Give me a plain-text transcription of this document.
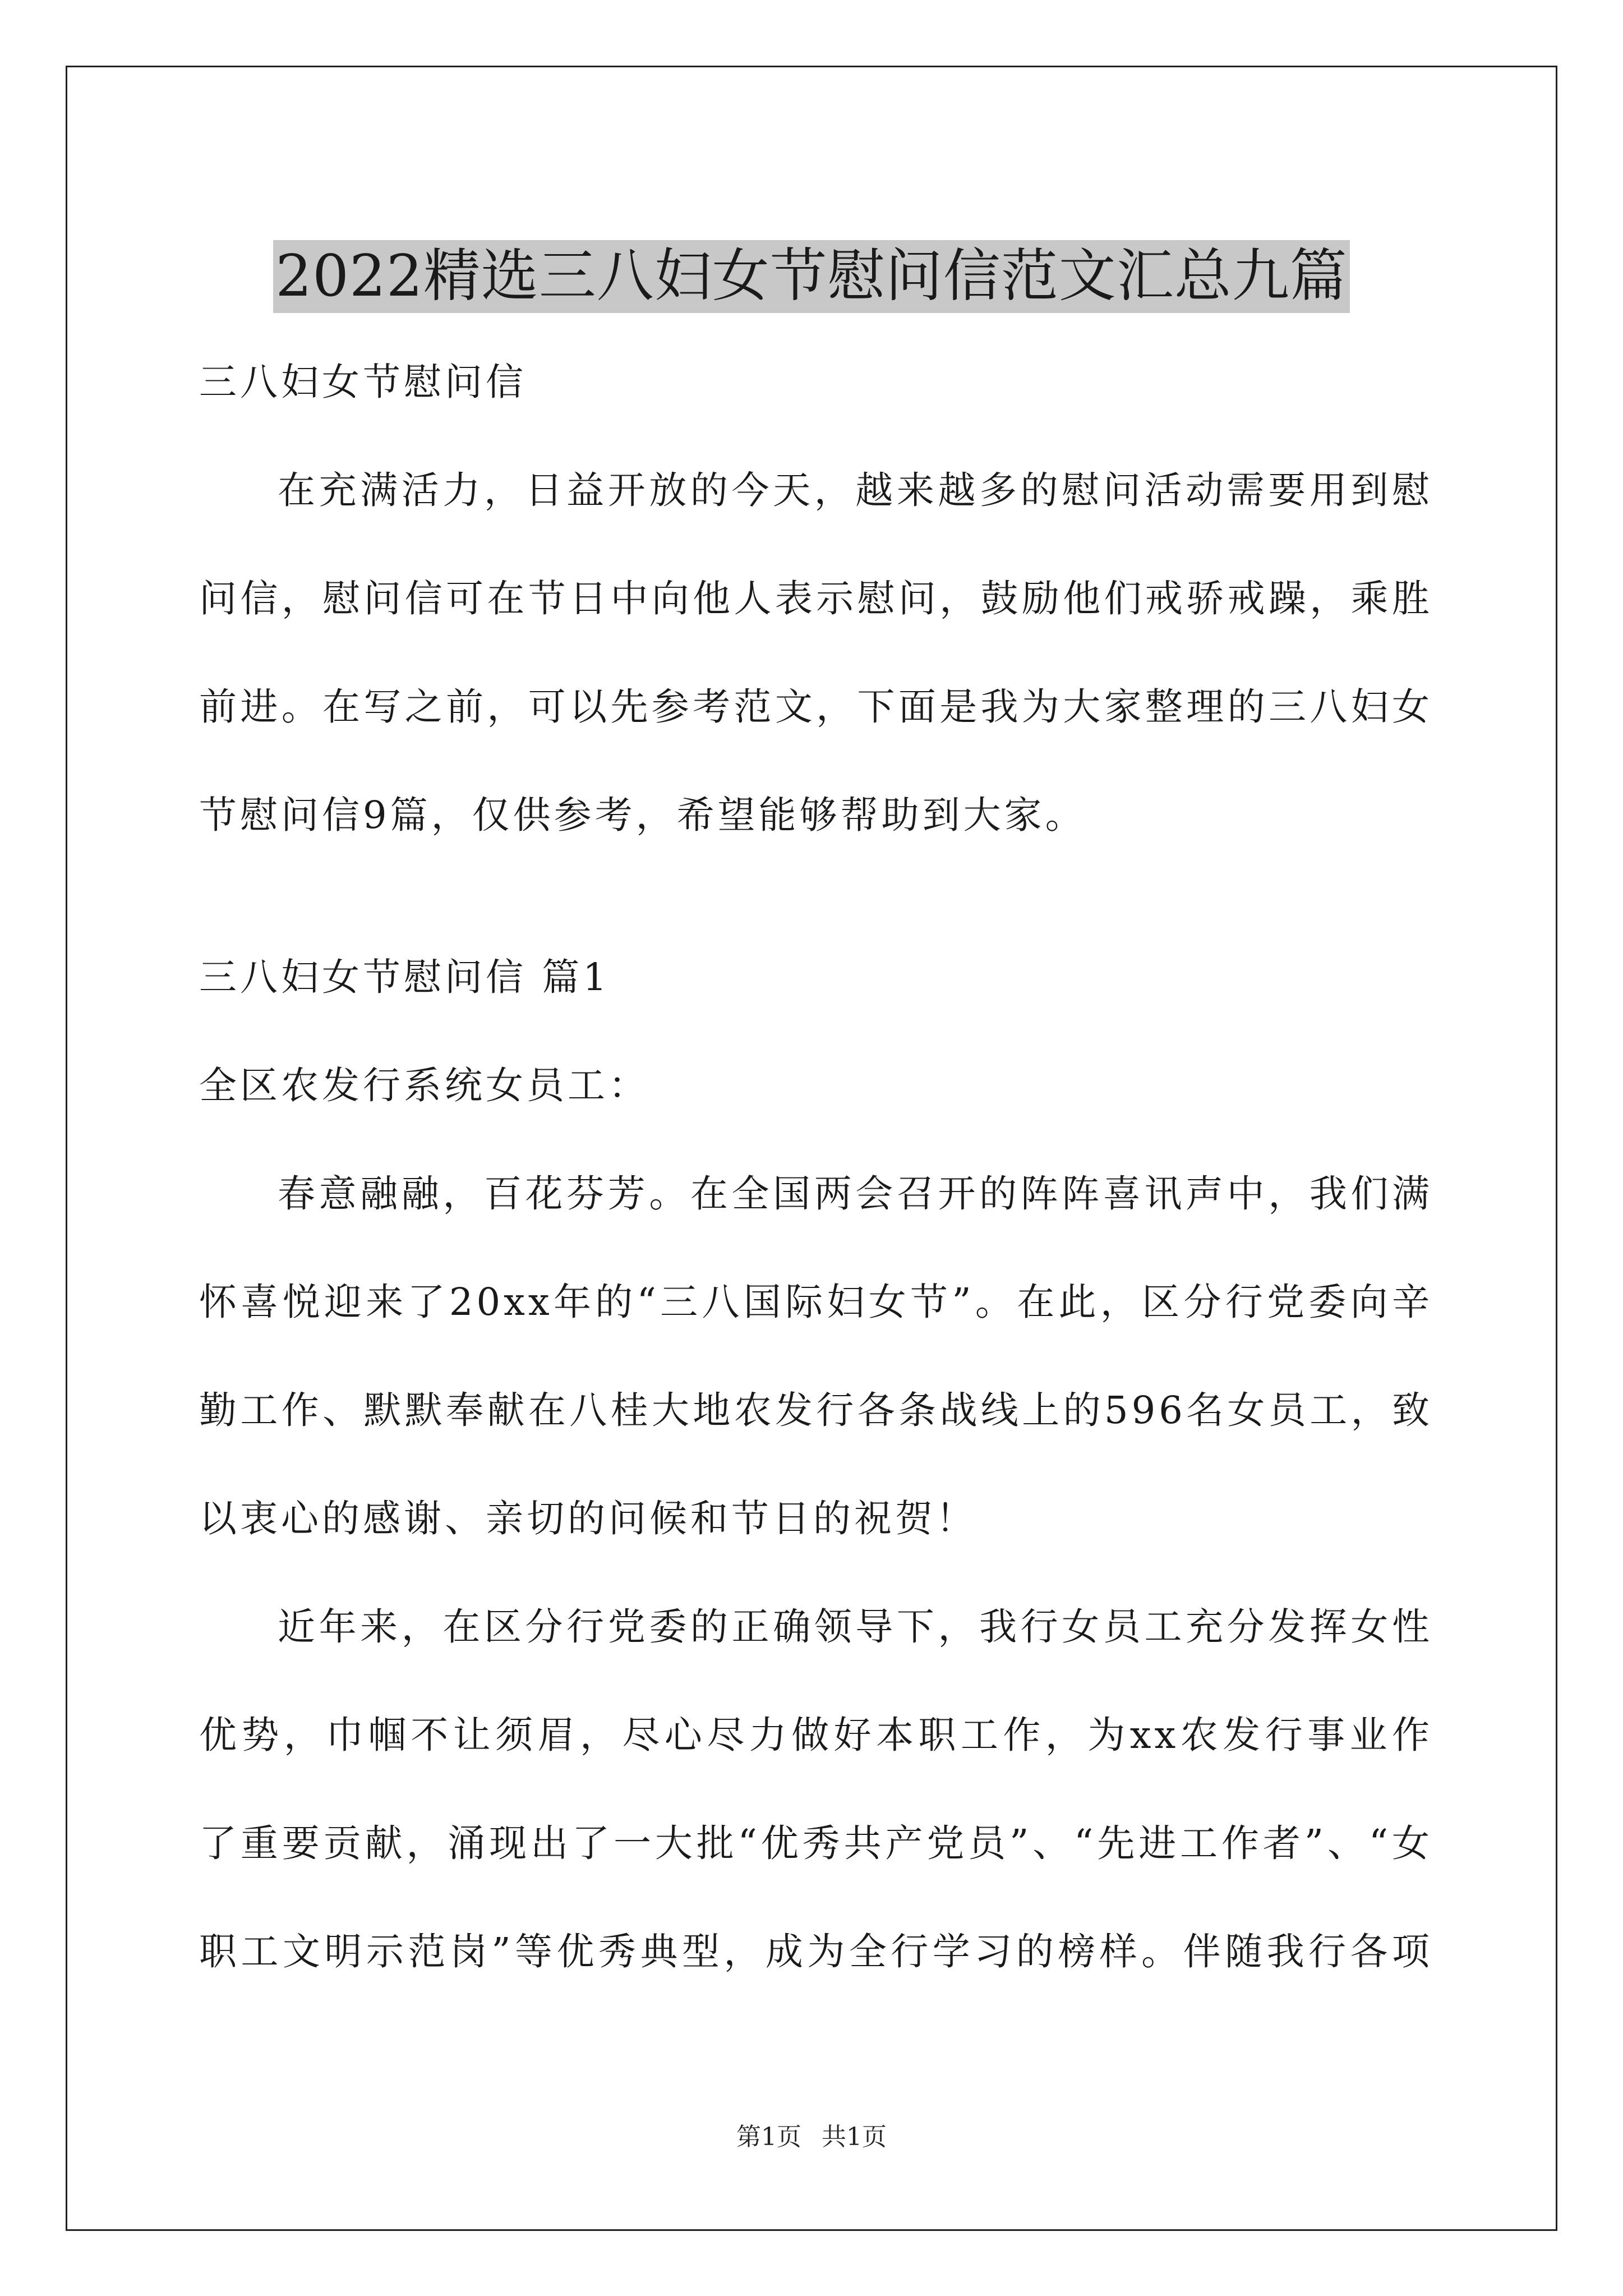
2022精选三八妇女节慰问信范文汇总九篇
三八妇女节慰问信
在充满活力，日益开放的今天，越来越多的慰问活动需要用到慰
问信，慰问信可在节日中向他人表示慰问，鼓励他们戒骄戒躁，乘胜
前进。在写之前，可以先参考范文，下面是我为大家整理的三八妇女
节慰问信9篇，仅供参考，希望能够帮助到大家。
三八妇女节慰问信 篇1
全区农发行系统女员工：
春意融融，百花芬芳。在全国两会召开的阵阵喜讯声中，我们满
怀喜悦迎来了20xx年的“三八国际妇女节”。在此，区分行党委向辛
勤工作、默默奉献在八桂大地农发行各条战线上的596名女员工，致
以衷心的感谢、亲切的问候和节日的祝贺！
近年来，在区分行党委的正确领导下，我行女员工充分发挥女性
优势，巾帼不让须眉，尽心尽力做好本职工作，为xx农发行事业作
了重要贡献，涌现出了一大批“优秀共产党员”、“先进工作者”、“女
职工文明示范岗”等优秀典型，成为全行学习的榜样。伴随我行各项
第1页 共1页
